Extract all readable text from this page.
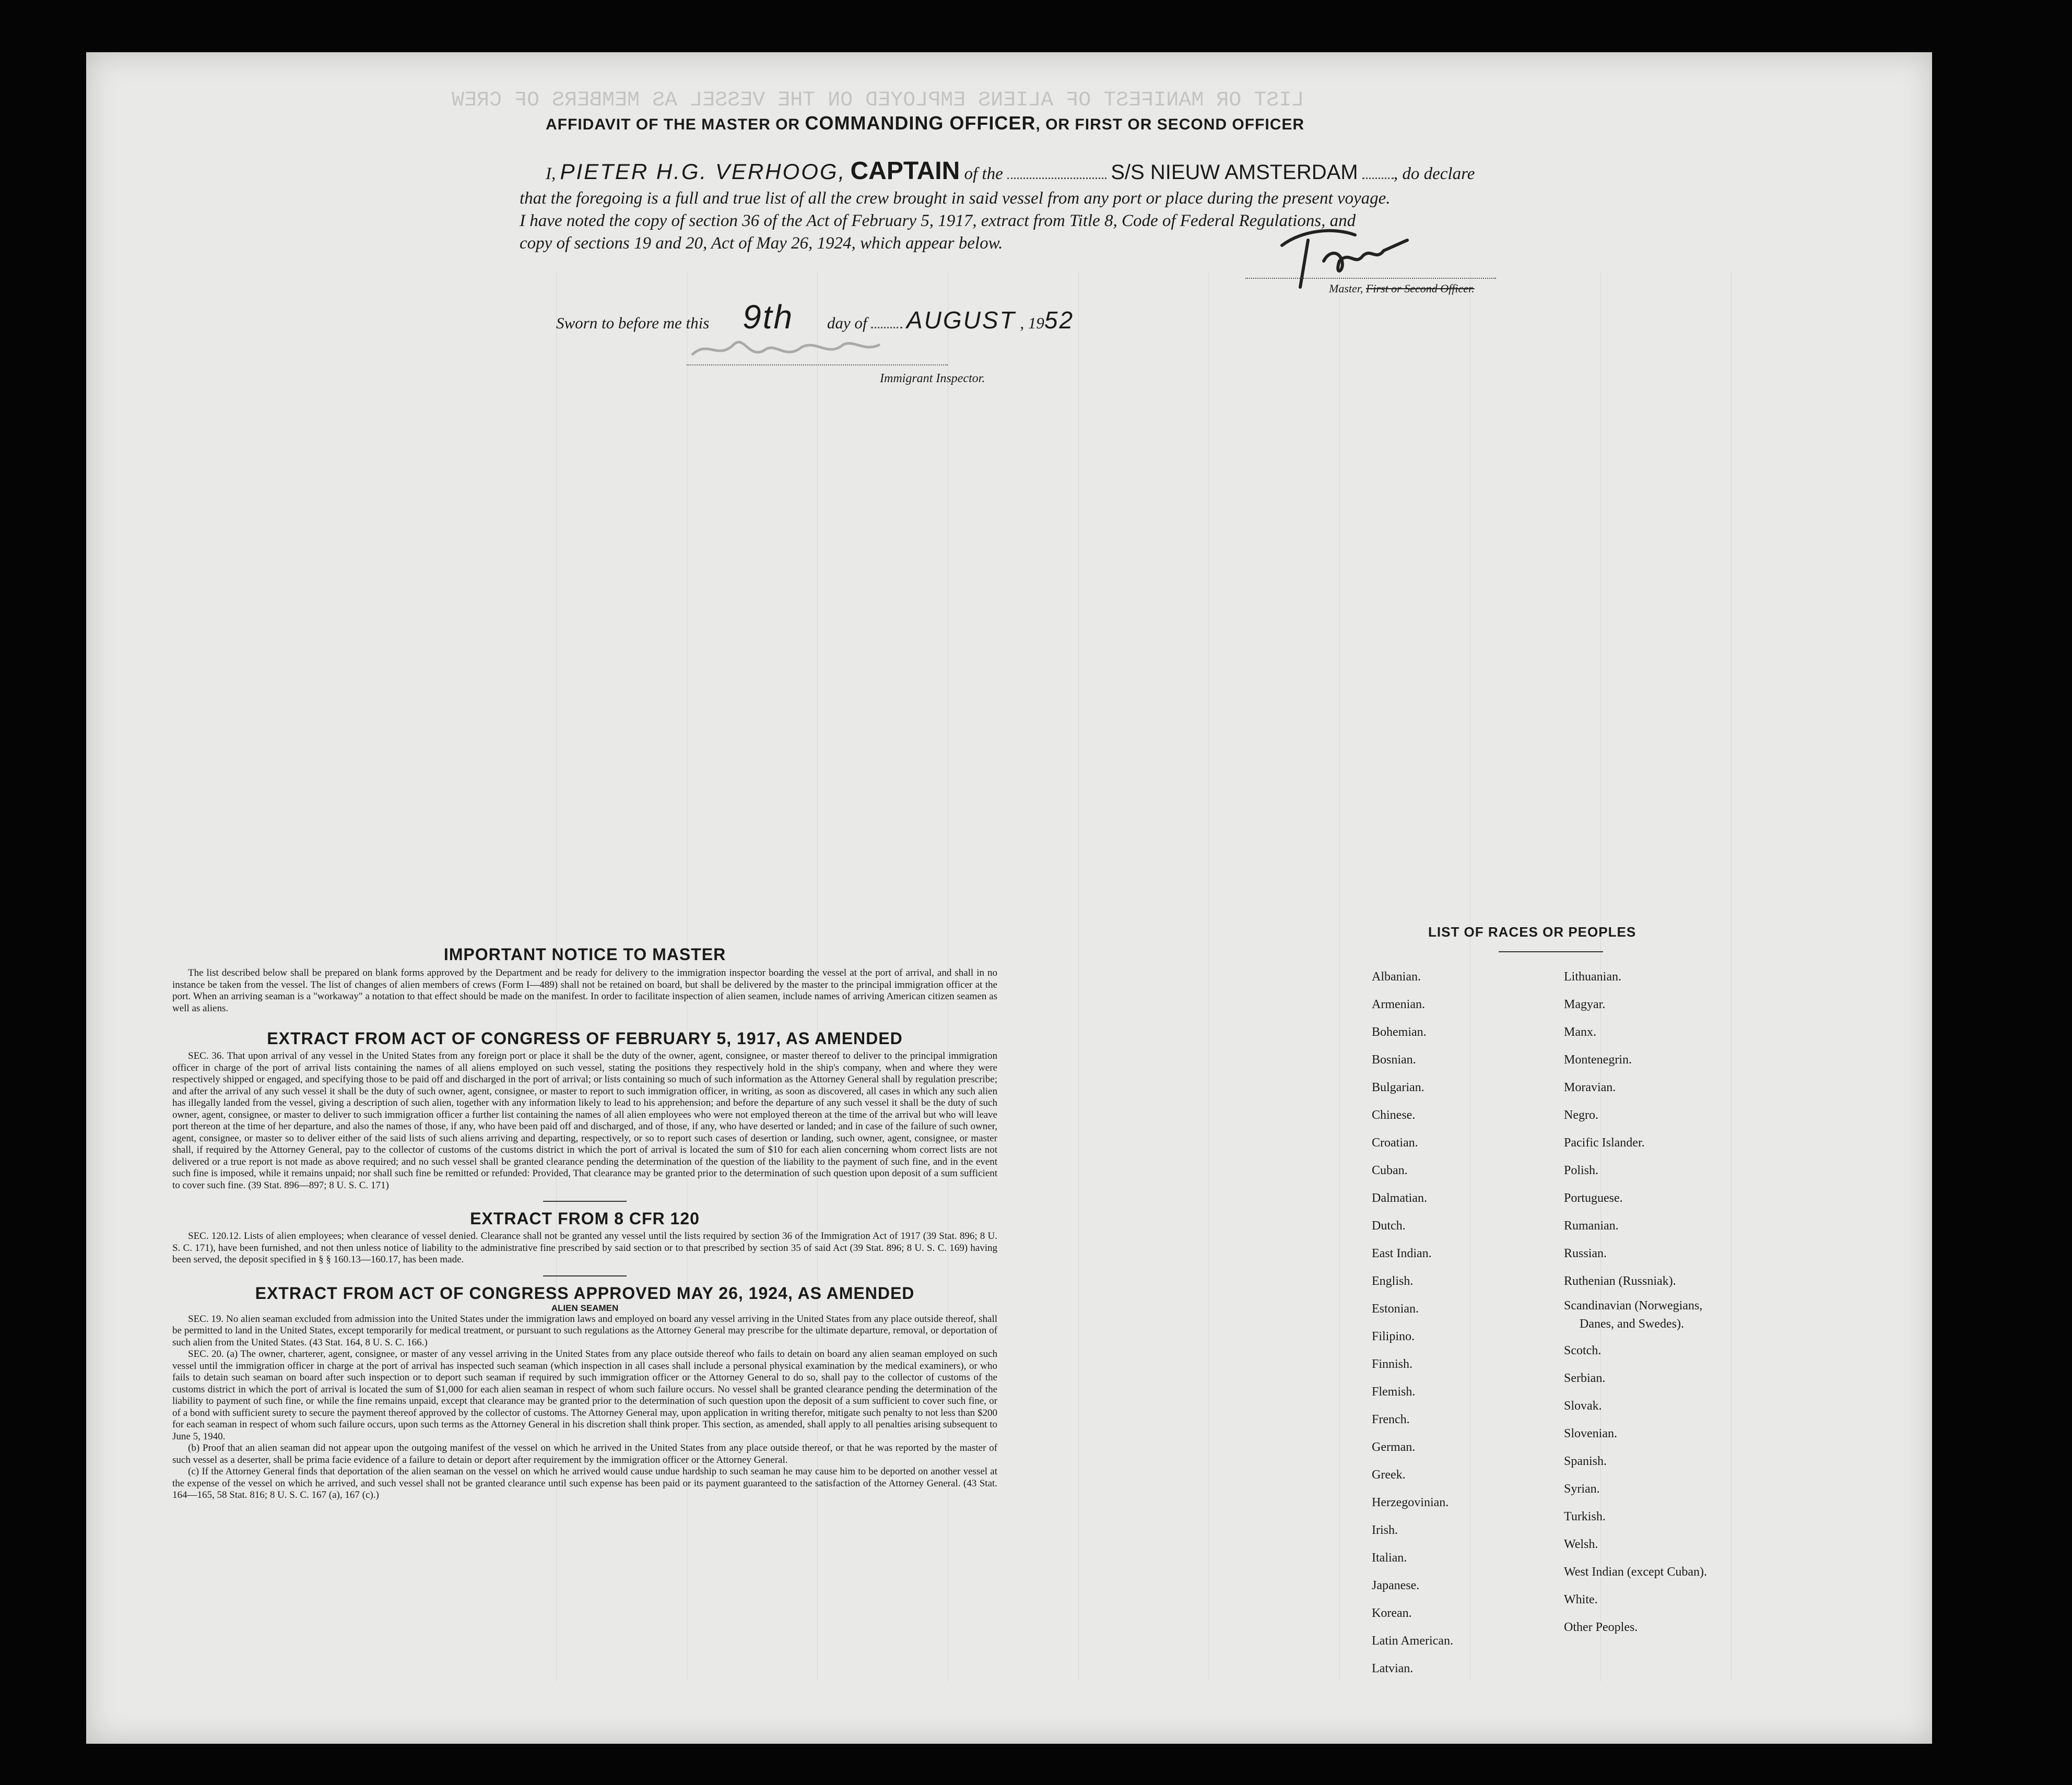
LIST OR MANIFEST OF ALIENS EMPLOYED ON THE VESSEL AS MEMBERS OF CREW
AFFIDAVIT OF THE MASTER OR COMMANDING OFFICER, OR FIRST OR SECOND OFFICER
I, PIETER H.G. VERHOOG, CAPTAIN of the	S/S NIEUW AMSTERDAM , do declare
that the foregoing is a full and true list of all the crew brought in said vessel from any port or place during the present voyage.
I have noted the copy of section 36 of the Act of February 5, 1917, extract from Title 8, Code of Federal Regulations, and
copy of sections 19 and 20, Act of May 26, 1924, which appear below.
Master, First or Second Officer.
Sworn to before me this 9th day of AUGUST , 1952
Immigrant Inspector.
IMPORTANT NOTICE TO MASTER
The list described below shall be prepared on blank forms approved by the Department and be ready for delivery to the immigration inspector boarding the vessel at the port of arrival, and shall in no instance be taken from the vessel. The list of changes of alien members of crews (Form I—489) shall not be retained on board, but shall be delivered by the master to the principal immigration officer at the port. When an arriving seaman is a "workaway" a notation to that effect should be made on the manifest. In order to facilitate inspection of alien seamen, include names of arriving American citizen seamen as well as aliens.
EXTRACT FROM ACT OF CONGRESS OF FEBRUARY 5, 1917, AS AMENDED
SEC. 36. That upon arrival of any vessel in the United States from any foreign port or place it shall be the duty of the owner, agent, consignee, or master thereof to deliver to the principal immigration officer in charge of the port of arrival lists containing the names of all aliens employed on such vessel, stating the positions they respectively hold in the ship's company, when and where they were respectively shipped or engaged, and specifying those to be paid off and discharged in the port of arrival; or lists containing so much of such information as the Attorney General shall by regulation prescribe; and after the arrival of any such vessel it shall be the duty of such owner, agent, consignee, or master to report to such immigration officer, in writing, as soon as discovered, all cases in which any such alien has illegally landed from the vessel, giving a description of such alien, together with any information likely to lead to his apprehension; and before the departure of any such vessel it shall be the duty of such owner, agent, consignee, or master to deliver to such immigration officer a further list containing the names of all alien employees who were not employed thereon at the time of the arrival but who will leave port thereon at the time of her departure, and also the names of those, if any, who have been paid off and discharged, and of those, if any, who have deserted or landed; and in case of the failure of such owner, agent, consignee, or master so to deliver either of the said lists of such aliens arriving and departing, respectively, or so to report such cases of desertion or landing, such owner, agent, consignee, or master shall, if required by the Attorney General, pay to the collector of customs of the customs district in which the port of arrival is located the sum of $10 for each alien concerning whom correct lists are not delivered or a true report is not made as above required; and no such vessel shall be granted clearance pending the determination of the question of the liability to the payment of such fine, and in the event such fine is imposed, while it remains unpaid; nor shall such fine be remitted or refunded: Provided, That clearance may be granted prior to the determination of such question upon deposit of a sum sufficient to cover such fine. (39 Stat. 896—897; 8 U. S. C. 171)
EXTRACT FROM 8 CFR 120
SEC. 120.12. Lists of alien employees; when clearance of vessel denied. Clearance shall not be granted any vessel until the lists required by section 36 of the Immigration Act of 1917 (39 Stat. 896; 8 U. S. C. 171), have been furnished, and not then unless notice of liability to the administrative fine prescribed by said section or to that prescribed by section 35 of said Act (39 Stat. 896; 8 U. S. C. 169) having been served, the deposit specified in § § 160.13—160.17, has been made.
EXTRACT FROM ACT OF CONGRESS APPROVED MAY 26, 1924, AS AMENDED
ALIEN SEAMEN
SEC. 19. No alien seaman excluded from admission into the United States under the immigration laws and employed on board any vessel arriving in the United States from any place outside thereof, shall be permitted to land in the United States, except temporarily for medical treatment, or pursuant to such regulations as the Attorney General may prescribe for the ultimate departure, removal, or deportation of such alien from the United States. (43 Stat. 164, 8 U. S. C. 166.)
SEC. 20. (a) The owner, charterer, agent, consignee, or master of any vessel arriving in the United States from any place outside thereof who fails to detain on board any alien seaman employed on such vessel until the immigration officer in charge at the port of arrival has inspected such seaman (which inspection in all cases shall include a personal physical examination by the medical examiners), or who fails to detain such seaman on board after such inspection or to deport such seaman if required by such immigration officer or the Attorney General to do so, shall pay to the collector of customs of the customs district in which the port of arrival is located the sum of $1,000 for each alien seaman in respect of whom such failure occurs. No vessel shall be granted clearance pending the determination of the liability to payment of such fine, or while the fine remains unpaid, except that clearance may be granted prior to the determination of such question upon the deposit of a sum sufficient to cover such fine, or of a bond with sufficient surety to secure the payment thereof approved by the collector of customs. The Attorney General may, upon application in writing therefor, mitigate such penalty to not less than $200 for each seaman in respect of whom such failure occurs, upon such terms as the Attorney General in his discretion shall think proper. This section, as amended, shall apply to all penalties arising subsequent to June 5, 1940.
(b) Proof that an alien seaman did not appear upon the outgoing manifest of the vessel on which he arrived in the United States from any place outside thereof, or that he was reported by the master of such vessel as a deserter, shall be prima facie evidence of a failure to detain or deport after requirement by the immigration officer or the Attorney General.
(c) If the Attorney General finds that deportation of the alien seaman on the vessel on which he arrived would cause undue hardship to such seaman he may cause him to be deported on another vessel at the expense of the vessel on which he arrived, and such vessel shall not be granted clearance until such expense has been paid or its payment guaranteed to the satisfaction of the Attorney General. (43 Stat. 164—165, 58 Stat. 816; 8 U. S. C. 167 (a), 167 (c).)
LIST OF RACES OR PEOPLES
Albanian.
Armenian.
Bohemian.
Bosnian.
Bulgarian.
Chinese.
Croatian.
Cuban.
Dalmatian.
Dutch.
East Indian.
English.
Estonian.
Filipino.
Finnish.
Flemish.
French.
German.
Greek.
Herzegovinian.
Irish.
Italian.
Japanese.
Korean.
Latin American.
Latvian.
Lithuanian.
Magyar.
Manx.
Montenegrin.
Moravian.
Negro.
Pacific Islander.
Polish.
Portuguese.
Rumanian.
Russian.
Ruthenian (Russniak).
Scandinavian (Norwegians,
Danes, and Swedes).
Scotch.
Serbian.
Slovak.
Slovenian.
Spanish.
Syrian.
Turkish.
Welsh.
West Indian (except Cuban).
White.
Other Peoples.
